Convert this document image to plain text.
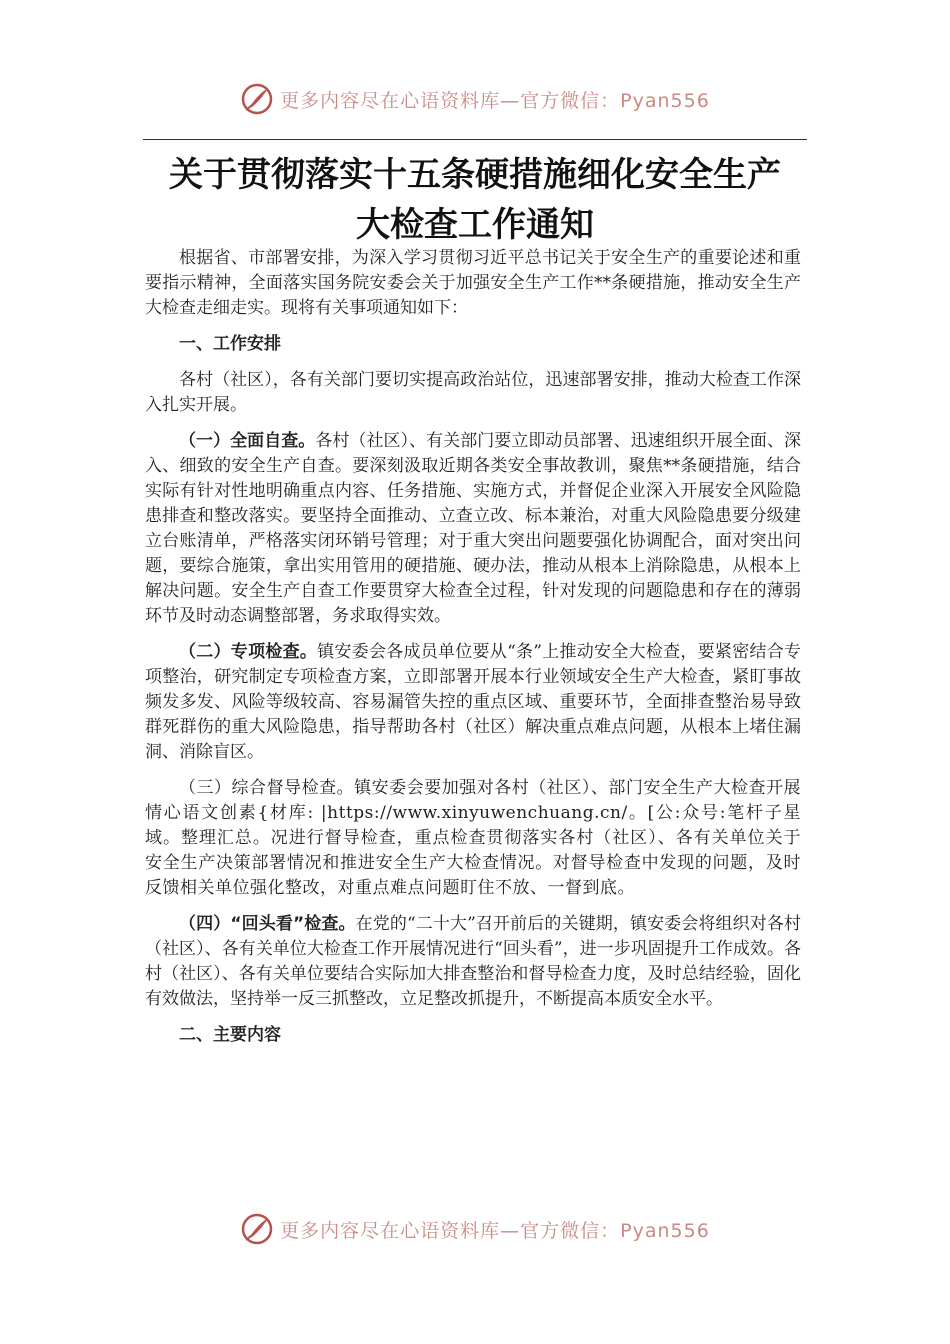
更多内容尽在心语资料库—官方微信：Pyan556
关于贯彻落实十五条硬措施细化安全生产
大检查工作通知

根据省、市部署安排，为深入学习贯彻习近平总书记关于安全生产的重要论述和重要指示精神，全面落实国务院安委会关于加强安全生产工作**条硬措施，推动安全生产大检查走细走实。现将有关事项通知如下：

一、工作安排

各村（社区），各有关部门要切实提高政治站位，迅速部署安排，推动大检查工作深入扎实开展。

（一）全面自查。各村（社区）、有关部门要立即动员部署、迅速组织开展全面、深入、细致的安全生产自查。要深刻汲取近期各类安全事故教训，聚焦**条硬措施，结合实际有针对性地明确重点内容、任务措施、实施方式，并督促企业深入开展安全风险隐患排查和整改落实。要坚持全面推动、立查立改、标本兼治，对重大风险隐患要分级建立台账清单，严格落实闭环销号管理；对于重大突出问题要强化协调配合，面对突出问题，要综合施策，拿出实用管用的硬措施、硬办法，推动从根本上消除隐患，从根本上解决问题。安全生产自查工作要贯穿大检查全过程，针对发现的问题隐患和存在的薄弱环节及时动态调整部署，务求取得实效。

（二）专项检查。镇安委会各成员单位要从“条”上推动安全大检查，要紧密结合专项整治，研究制定专项检查方案，立即部署开展本行业领域安全生产大检查，紧盯事故频发多发、风险等级较高、容易漏管失控的重点区域、重要环节，全面排查整治易导致群死群伤的重大风险隐患，指导帮助各村（社区）解决重点难点问题，从根本上堵住漏洞、消除盲区。

（三）综合督导检查。镇安委会要加强对各村（社区）、部门安全生产大检查开展情心语文创素{材库: |https://www.xinyuwenchuang.cn/。[公:众号:笔杆子星域。整理汇总。况进行督导检查，重点检查贯彻落实各村（社区）、各有关单位关于安全生产决策部署情况和推进安全生产大检查情况。对督导检查中发现的问题，及时反馈相关单位强化整改，对重点难点问题盯住不放、一督到底。

（四）“回头看”检查。在党的“二十大”召开前后的关键期，镇安委会将组织对各村（社区）、各有关单位大检查工作开展情况进行“回头看”，进一步巩固提升工作成效。各村（社区）、各有关单位要结合实际加大排查整治和督导检查力度，及时总结经验，固化有效做法，坚持举一反三抓整改，立足整改抓提升，不断提高本质安全水平。

二、主要内容
更多内容尽在心语资料库—官方微信：Pyan556
